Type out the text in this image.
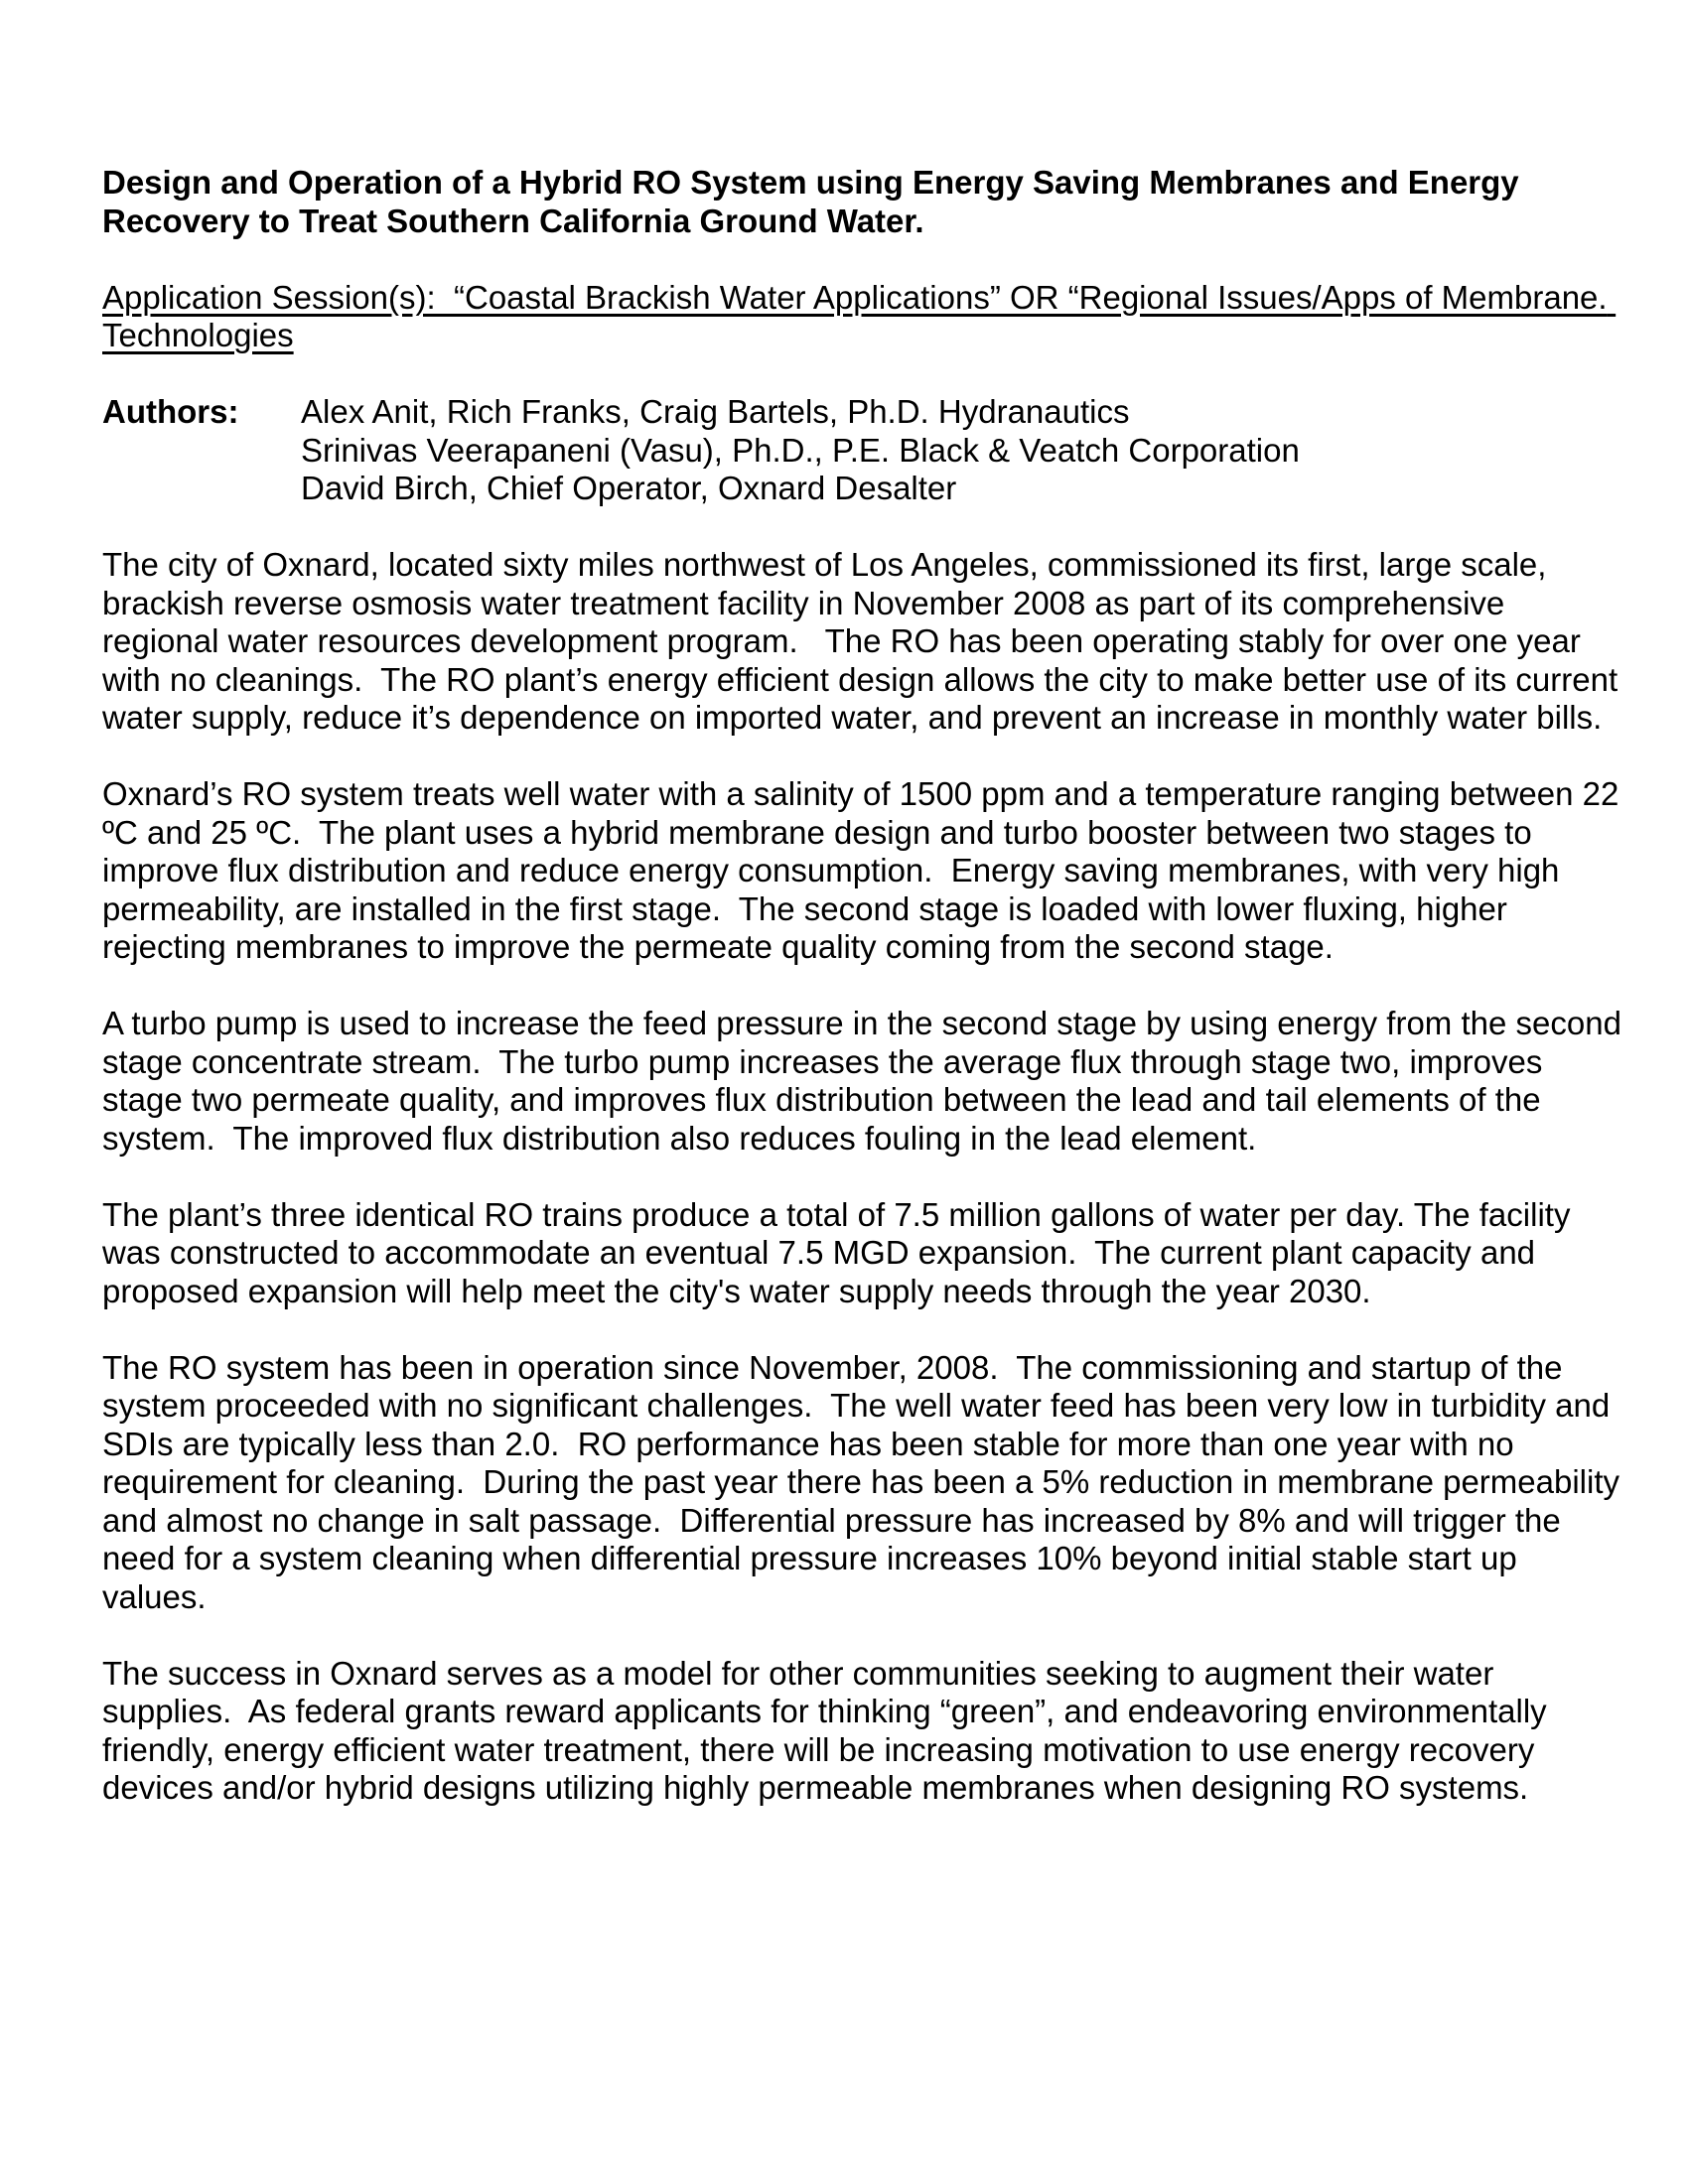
Design and Operation of a Hybrid RO System using Energy Saving Membranes and Energy Recovery to Treat Southern California Ground Water.

Application Session(s):  “Coastal Brackish Water Applications” OR “Regional Issues/Apps of Membrane. Technologies

Authors:	Alex Anit, Rich Franks, Craig Bartels, Ph.D. Hydranautics
Srinivas Veerapaneni (Vasu), Ph.D., P.E. Black & Veatch Corporation
David Birch, Chief Operator, Oxnard Desalter

The city of Oxnard, located sixty miles northwest of Los Angeles, commissioned its first, large scale, brackish reverse osmosis water treatment facility in November 2008 as part of its comprehensive regional water resources development program.   The RO has been operating stably for over one year with no cleanings.  The RO plant’s energy efficient design allows the city to make better use of its current water supply, reduce it’s dependence on imported water, and prevent an increase in monthly water bills.

Oxnard’s RO system treats well water with a salinity of 1500 ppm and a temperature ranging between 22 ºC and 25 ºC.  The plant uses a hybrid membrane design and turbo booster between two stages to improve flux distribution and reduce energy consumption.  Energy saving membranes, with very high permeability, are installed in the first stage.  The second stage is loaded with lower fluxing, higher rejecting membranes to improve the permeate quality coming from the second stage.

A turbo pump is used to increase the feed pressure in the second stage by using energy from the second stage concentrate stream.  The turbo pump increases the average flux through stage two, improves stage two permeate quality, and improves flux distribution between the lead and tail elements of the system.  The improved flux distribution also reduces fouling in the lead element.

The plant’s three identical RO trains produce a total of 7.5 million gallons of water per day. The facility was constructed to accommodate an eventual 7.5 MGD expansion.  The current plant capacity and proposed expansion will help meet the city's water supply needs through the year 2030.

The RO system has been in operation since November, 2008.  The commissioning and startup of the system proceeded with no significant challenges.  The well water feed has been very low in turbidity and SDIs are typically less than 2.0.  RO performance has been stable for more than one year with no requirement for cleaning.  During the past year there has been a 5% reduction in membrane permeability and almost no change in salt passage.  Differential pressure has increased by 8% and will trigger the need for a system cleaning when differential pressure increases 10% beyond initial stable start up values.

The success in Oxnard serves as a model for other communities seeking to augment their water supplies.  As federal grants reward applicants for thinking “green”, and endeavoring environmentally friendly, energy efficient water treatment, there will be increasing motivation to use energy recovery devices and/or hybrid designs utilizing highly permeable membranes when designing RO systems.
